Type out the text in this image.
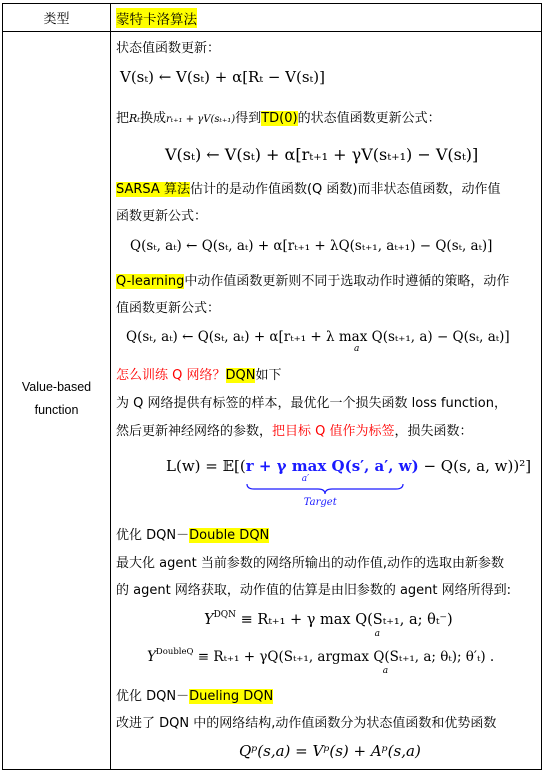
类型	蒙特卡洛算法
Value-based
function
状态值函数更新：
V(sₜ) ← V(sₜ) + α[Rₜ − V(sₜ)]
把Rₜ换成rₜ₊₁ + γV(sₜ₊₁)得到TD(0)的状态值函数更新公式：
V(sₜ) ← V(sₜ) + α[rₜ₊₁ + γV(sₜ₊₁) − V(sₜ)]
SARSA 算法估计的是动作值函数(Q 函数)而非状态值函数，动作值
函数更新公式：
Q(sₜ, aₜ) ← Q(sₜ, aₜ) + α[rₜ₊₁ + λQ(sₜ₊₁, aₜ₊₁) − Q(sₜ, aₜ)]
Q-learning中动作值函数更新则不同于选取动作时遵循的策略，动作
值函数更新公式：
Q(sₜ, aₜ) ← Q(sₜ, aₜ) + α[rₜ₊₁ + λ max
a
Q(sₜ₊₁, a) − Q(sₜ, aₜ)]
怎么训练 Q 网络？DQN如下
为 Q 网络提供有标签的样本，最优化一个损失函数 loss function，
然后更新神经网络的参数，把目标 Q 值作为标签，损失函数：
L(w) = 𝔼[(r + γ max Q(s′, a′, w)
a′
Target
− Q(s, a, w))²]
优化 DQN－Double DQN
最大化 agent 当前参数的网络所输出的动作值,动作的选取由新参数
的 agent 网络获取，动作值的估算是由旧参数的 agent 网络所得到:
$Y^{DQN} \equiv R_{t+1} + \gamma$ max Q(Sₜ₊₁, a; θₜ⁻)
a
$Y^{DoubleQ} \equiv R_{t+1} + \gamma Q(S_{t+1}$, argmax Q(Sₜ₊₁, a; θₜ); θ′ₜ) .
a
优化 DQN－Dueling DQN
改进了 DQN 中的网络结构,动作值函数分为状态值函数和优势函数
Qᵖ(s,a) = Vᵖ(s) + Aᵖ(s,a)
